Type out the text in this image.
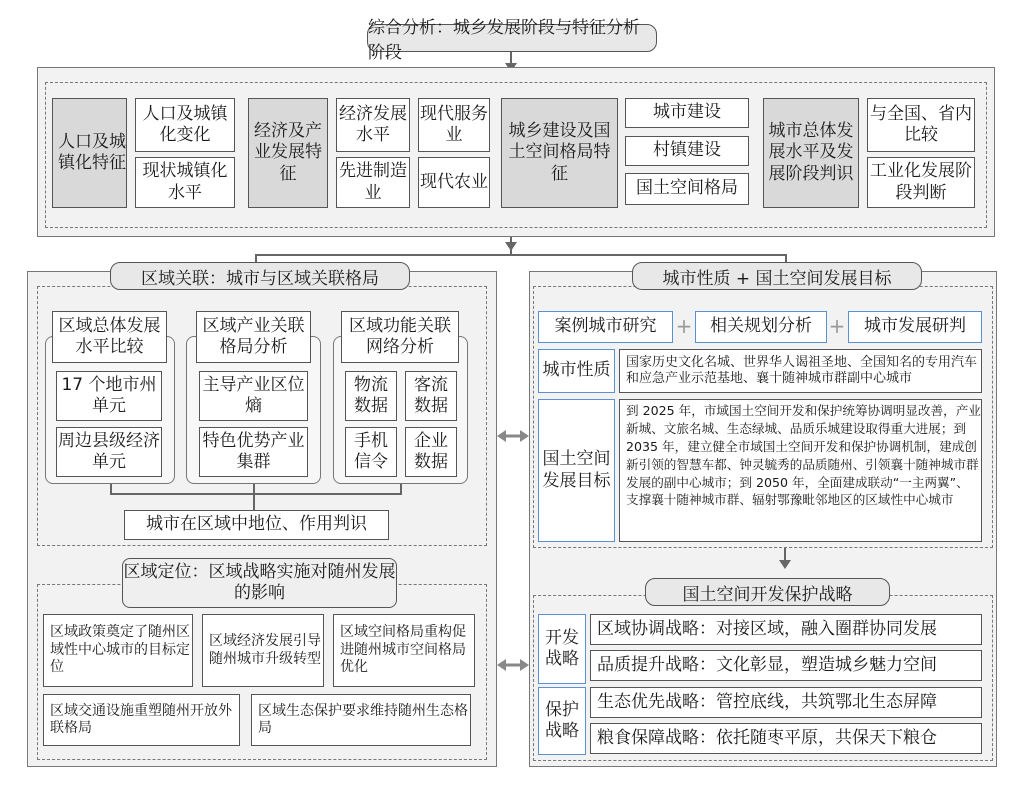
综合分析：城乡发展阶段与特征分析阶段
人口及城镇化特征
人口及城镇化变化
现状城镇化水平
经济及产业发展特征
经济发展水平
现代服务业
先进制造业
现代农业
城乡建设及国土空间格局特征
城市建设
村镇建设
国土空间格局
城市总体发展水平及发展阶段判识
与全国、省内比较
工业化发展阶段判断
区域关联：城市与区域关联格局
区域总体发展水平比较
17 个地市州单元
周边县级经济单元
区域产业关联格局分析
主导产业区位熵
特色优势产业集群
区域功能关联网络分析
物流数据
客流数据
手机信令
企业数据
城市在区域中地位、作用判识
区域定位：区域战略实施对随州发展的影响
区域政策奠定了随州区域性中心城市的目标定位
区域经济发展引导随州城市升级转型
区域空间格局重构促进随州城市空间格局优化
区域交通设施重塑随州开放外联格局
区域生态保护要求维持随州生态格局
城市性质 + 国土空间发展目标
案例城市研究 + 相关规划分析 + 城市发展研判
城市性质 国家历史文化名城、世界华人谒祖圣地、全国知名的专用汽车和应急产业示范基地、襄十随神城市群副中心城市
国土空间发展目标
到 2025 年，市域国土空间开发和保护统筹协调明显改善，产业新城、文旅名城、生态绿城、品质乐城建设取得重大进展；到 2035 年，建立健全市域国土空间开发和保护协调机制，建成创新引领的智慧车都、钟灵毓秀的品质随州、引领襄十随神城市群发展的副中心城市；到 2050 年，全面建成联动“一主两翼”、支撑襄十随神城市群、辐射鄂豫毗邻地区的区域性中心城市
国土空间开发保护战略
开发战略
区域协调战略：对接区域，融入圈群协同发展
品质提升战略：文化彰显，塑造城乡魅力空间
保护战略
生态优先战略：管控底线，共筑鄂北生态屏障
粮食保障战略：依托随枣平原，共保天下粮仓
